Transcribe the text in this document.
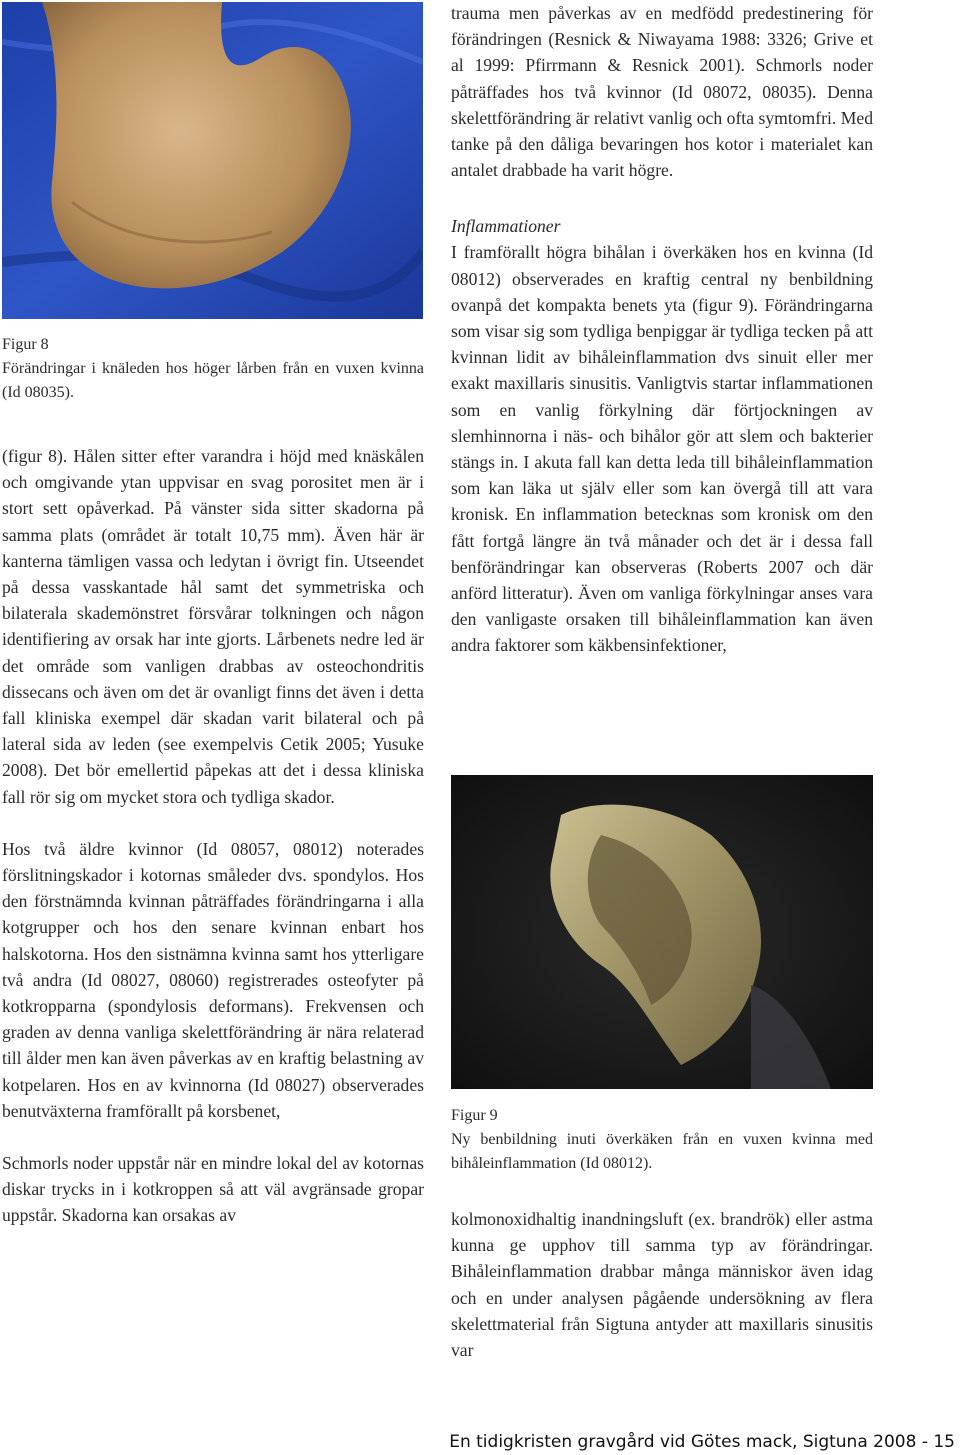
Figur 8

Förändringar i knäleden hos höger lårben från en vuxen kvinna (Id 08035).

(figur 8). Hålen sitter efter varandra i höjd med knäskålen och omgivande ytan uppvisar en svag porositet men är i stort sett opåverkad. På vänster sida sitter skadorna på samma plats (området är totalt 10,75 mm). Även här är kanterna tämligen vassa och ledytan i övrigt fin. Utseendet på dessa vasskantade hål samt det symmetriska och bilaterala skademönstret försvårar tolkningen och någon identifiering av orsak har inte gjorts. Lårbenets nedre led är det område som vanligen drabbas av osteochondritis dissecans och även om det är ovanligt finns det även i detta fall kliniska exempel där skadan varit bilateral och på lateral sida av leden (see exempelvis Cetik 2005; Yusuke 2008). Det bör emellertid påpekas att det i dessa kliniska fall rör sig om mycket stora och tydliga skador.

Hos två äldre kvinnor (Id 08057, 08012) noterades förslitningskador i kotornas småleder dvs. spondylos. Hos den förstnämnda kvinnan påträffades förändringarna i alla kotgrupper och hos den senare kvinnan enbart hos halskotorna. Hos den sistnämna kvinna samt hos ytterligare två andra (Id 08027, 08060) registrerades osteofyter på kotkropparna (spondylosis deformans). Frekvensen och graden av denna vanliga skelettförändring är nära relaterad till ålder men kan även påverkas av en kraftig belastning av kotpelaren. Hos en av kvinnorna (Id 08027) observerades benutväxterna framförallt på korsbenet,

Schmorls noder uppstår när en mindre lokal del av kotornas diskar trycks in i kotkroppen så att väl avgränsade gropar uppstår. Skadorna kan orsakas av

trauma men påverkas av en medfödd predestinering för förändringen (Resnick & Niwayama 1988: 3326; Grive et al 1999: Pfirrmann & Resnick 2001). Schmorls noder påträffades hos två kvinnor (Id 08072, 08035). Denna skelettförändring är relativt vanlig och ofta symtomfri. Med tanke på den dåliga bevaringen hos kotor i materialet kan antalet drabbade ha varit högre.

Inflammationer

I framförallt högra bihålan i överkäken hos en kvinna (Id 08012) observerades en kraftig central ny benbildning ovanpå det kompakta benets yta (figur 9). Förändringarna som visar sig som tydliga benpiggar är tydliga tecken på att kvinnan lidit av bihåleinflammation dvs sinuit eller mer exakt maxillaris sinusitis. Vanligtvis startar inflammationen som en vanlig förkylning där förtjockningen av slemhinnorna i näs- och bihålor gör att slem och bakterier stängs in. I akuta fall kan detta leda till bihåleinflammation som kan läka ut själv eller som kan övergå till att vara kronisk. En inflammation betecknas som kronisk om den fått fortgå längre än två månader och det är i dessa fall benförändringar kan observeras (Roberts 2007 och där anförd litteratur). Även om vanliga förkylningar anses vara den vanligaste orsaken till bihåleinflammation kan även andra faktorer som käkbensinfektioner,

Figur 9

Ny benbildning inuti överkäken från en vuxen kvinna med bihåleinflammation (Id 08012).

kolmonoxidhaltig inandningsluft (ex. brandrök) eller astma kunna ge upphov till samma typ av förändringar. Bihåleinflammation drabbar många människor även idag och en under analysen pågående undersökning av flera skelettmaterial från Sigtuna antyder att maxillaris sinusitis var

En tidigkristen gravgård vid Götes mack, Sigtuna 2008 - 15
